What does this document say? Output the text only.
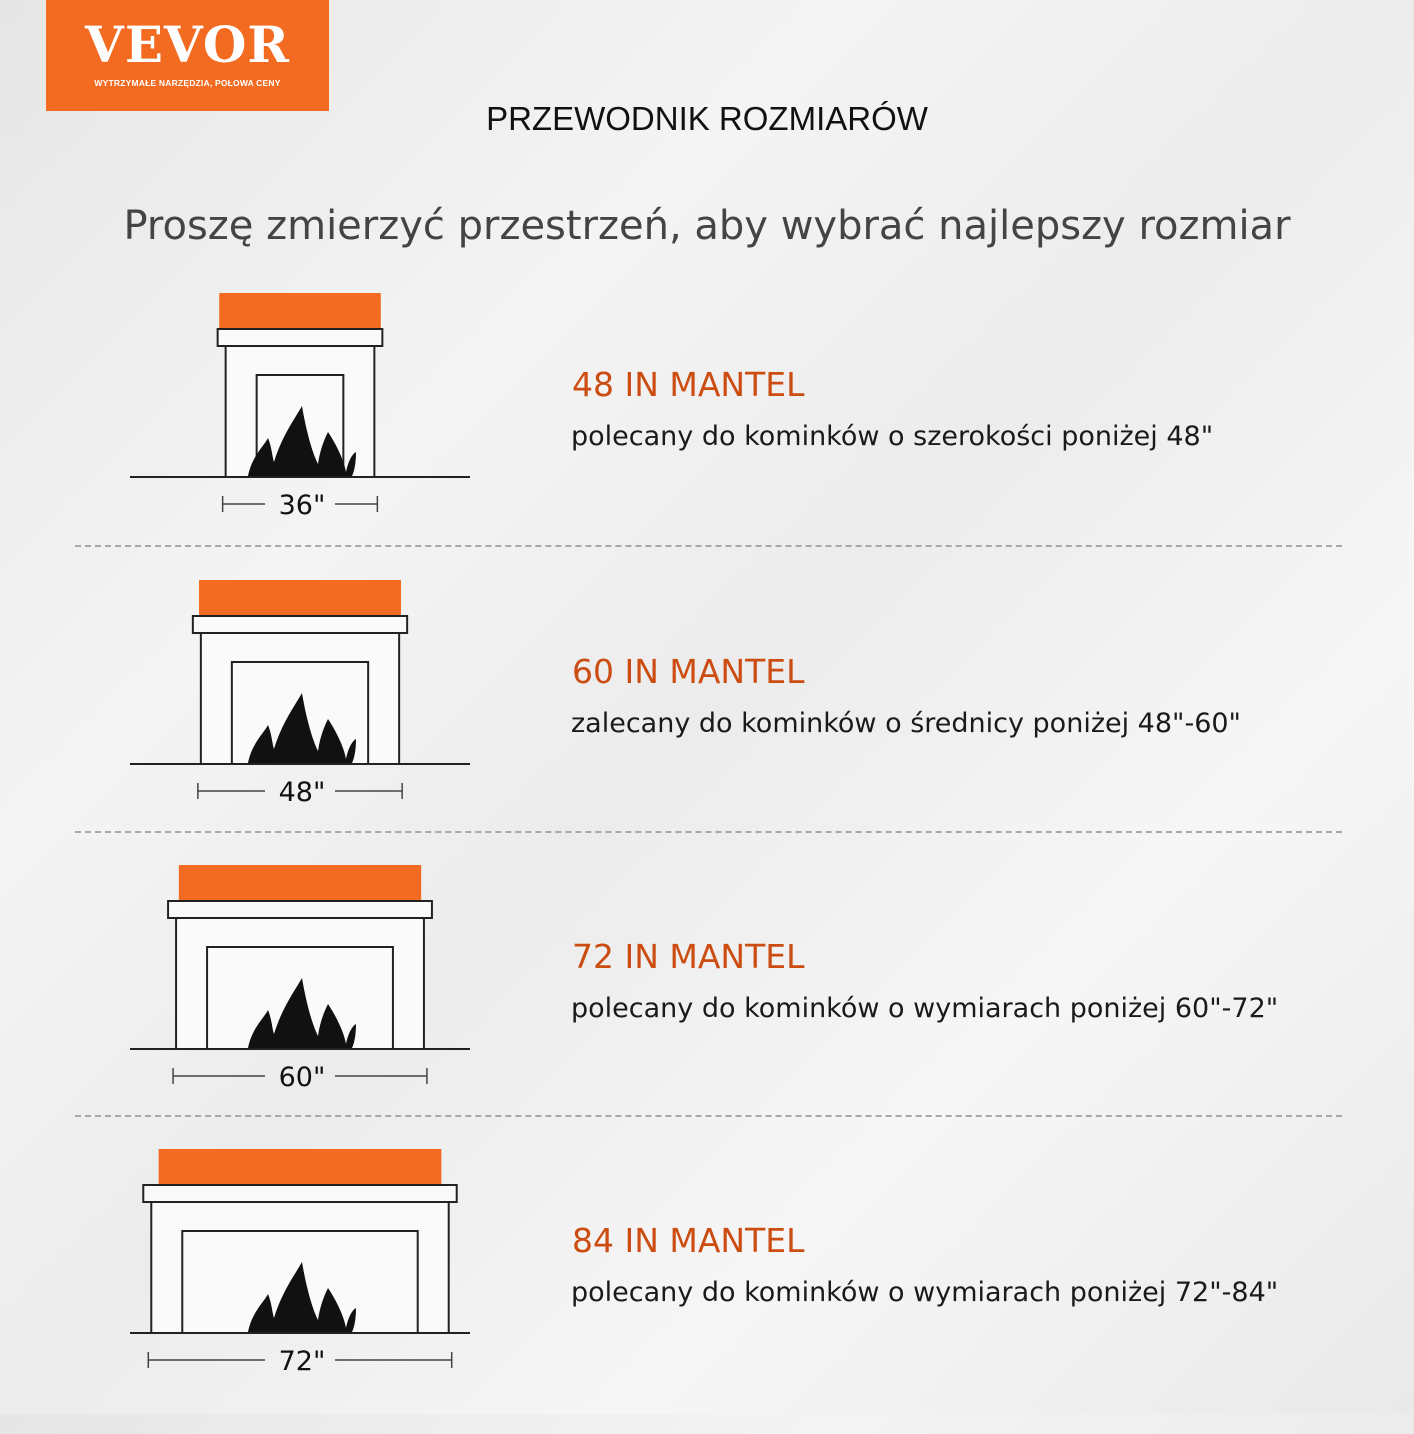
VEVOR
WYTRZYMAŁE NARZĘDZIA, POŁOWA CENY
PRZEWODNIK ROZMIARÓW
Proszę zmierzyć przestrzeń, aby wybrać najlepszy rozmiar
36"
48 IN MANTEL
polecany do kominków o szerokości poniżej 48"
48"
60 IN MANTEL
zalecany do kominków o średnicy poniżej 48"-60"
60"
72 IN MANTEL
polecany do kominków o wymiarach poniżej 60"-72"
72"
84 IN MANTEL
polecany do kominków o wymiarach poniżej 72"-84"
